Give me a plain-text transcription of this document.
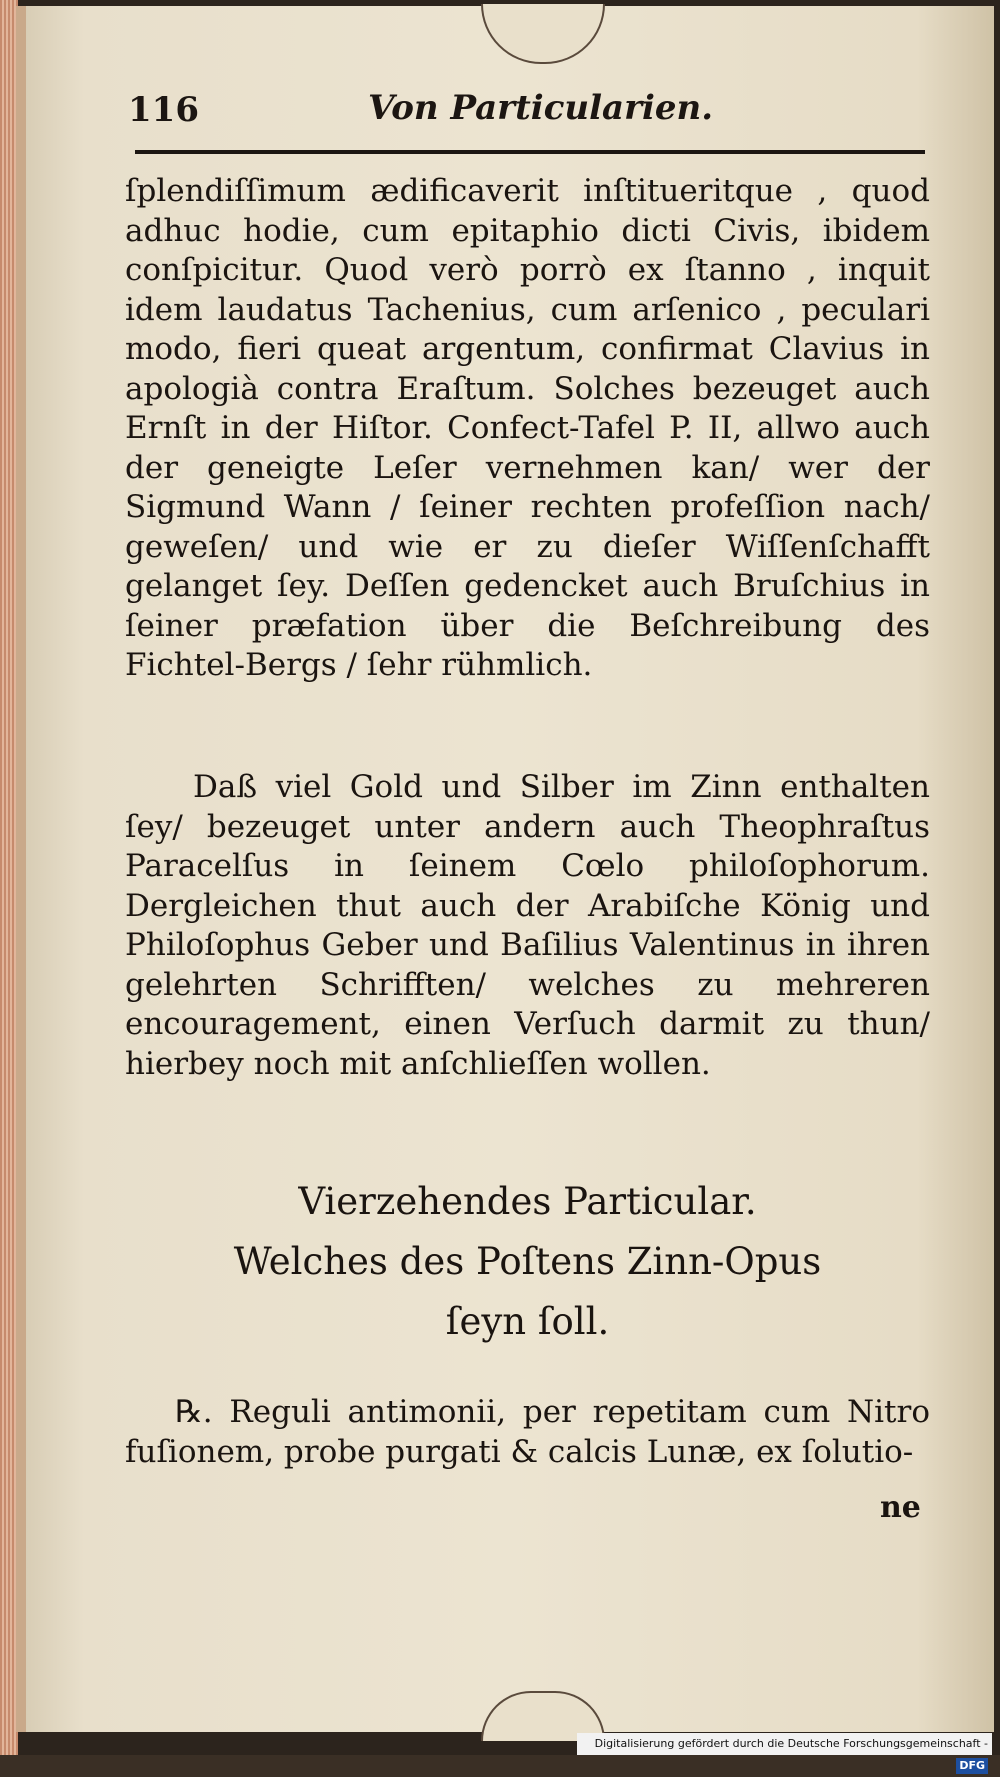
116	Von Particularien.
ſplendiſſimum ædificaverit inſtitueritque , quod adhuc hodie, cum epitaphio dicti Civis, ibidem conſpicitur. Quod verò porrò ex ſtanno , inquit idem laudatus Tachenius, cum arſenico , peculari modo, fieri queat argentum, confirmat Clavius in apologià contra Eraſtum. Solches bezeuget auch Ernſt in der Hiſtor. Confect-Tafel P. II, allwo auch der geneigte Leſer vernehmen kan/ wer der Sigmund Wann / ſeiner rechten profeſſion nach/ geweſen/ und wie er zu dieſer Wiſſenſchafft gelanget ſey. Deſſen gedencket auch Bruſchius in ſeiner præfation über die Beſchreibung des Fichtel-Bergs / ſehr rühmlich.
Daß viel Gold und Silber im Zinn enthalten ſey/ bezeuget unter andern auch Theophraſtus Paracelſus in ſeinem Cœlo philoſophorum. Dergleichen thut auch der Arabiſche König und Philoſophus Geber und Baſilius Valentinus in ihren gelehrten Schrifften/ welches zu mehreren encouragement, einen Verſuch darmit zu thun/ hierbey noch mit anſchlieſſen wollen.
Vierzehendes Particular.
Welches des Poſtens Zinn-Opus
ſeyn ſoll.
℞. Reguli antimonii, per repetitam cum Nitro fuſionem, probe purgati & calcis Lunæ, ex ſolutio-
ne
Digitalisierung gefördert durch die Deutsche Forschungsgemeinschaft -DFG
